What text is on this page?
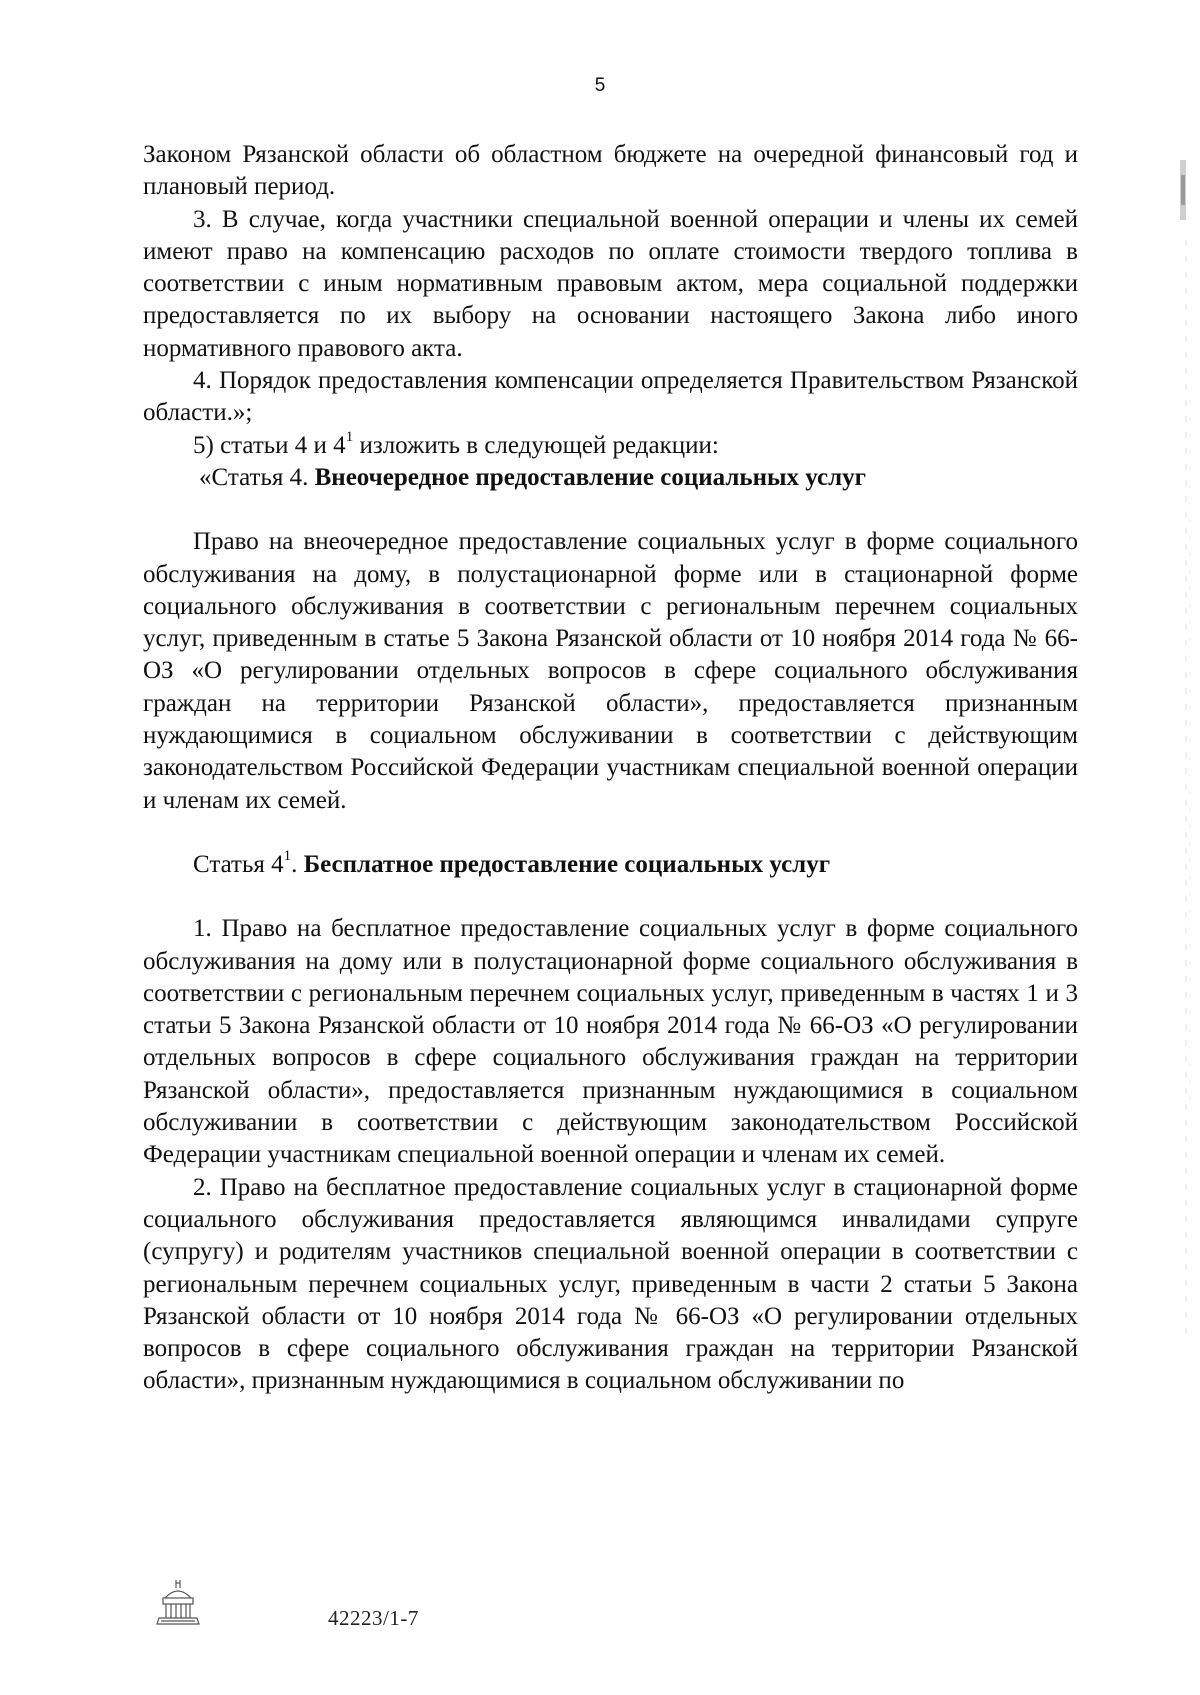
5

Законом Рязанской области об областном бюджете на очередной финансовый год и плановый период.

3. В случае, когда участники специальной военной операции и члены их семей имеют право на компенсацию расходов по оплате стоимости твердого топлива в соответствии с иным нормативным правовым актом, мера социальной поддержки предоставляется по их выбору на основании настоящего Закона либо иного нормативного правового акта.

4. Порядок предоставления компенсации определяется Правительством Рязанской области.»;

5) статьи 4 и $4^1$ изложить в следующей редакции:

«Статья 4. Внеочередное предоставление социальных услуг

Право на внеочередное предоставление социальных услуг в форме социального обслуживания на дому, в полустационарной форме или в стационарной форме социального обслуживания в соответствии с региональным перечнем социальных услуг, приведенным в статье 5 Закона Рязанской области от 10 ноября 2014 года № 66-ОЗ «О регулировании отдельных вопросов в сфере социального обслуживания граждан на территории Рязанской области», предоставляется признанным нуждающимися в социальном обслуживании в соответствии с действующим законодательством Российской Федерации участникам специальной военной операции и членам их семей.

Статья $4^1$. Бесплатное предоставление социальных услуг

1. Право на бесплатное предоставление социальных услуг в форме социального обслуживания на дому или в полустационарной форме социального обслуживания в соответствии с региональным перечнем социальных услуг, приведенным в частях 1 и 3 статьи 5 Закона Рязанской области от 10 ноября 2014 года № 66-ОЗ «О регулировании отдельных вопросов в сфере социального обслуживания граждан на территории Рязанской области», предоставляется признанным нуждающимися в социальном обслуживании в соответствии с действующим законодательством Российской Федерации участникам специальной военной операции и членам их семей.

2. Право на бесплатное предоставление социальных услуг в стационарной форме социального обслуживания предоставляется являющимся инвалидами супруге (супругу) и родителям участников специальной военной операции в соответствии с региональным перечнем социальных услуг, приведенным в части 2 статьи 5 Закона Рязанской области от 10 ноября 2014 года № 66-ОЗ «О регулировании отдельных вопросов в сфере социального обслуживания граждан на территории Рязанской области», признанным нуждающимися в социальном обслуживании по

42223/1-7
